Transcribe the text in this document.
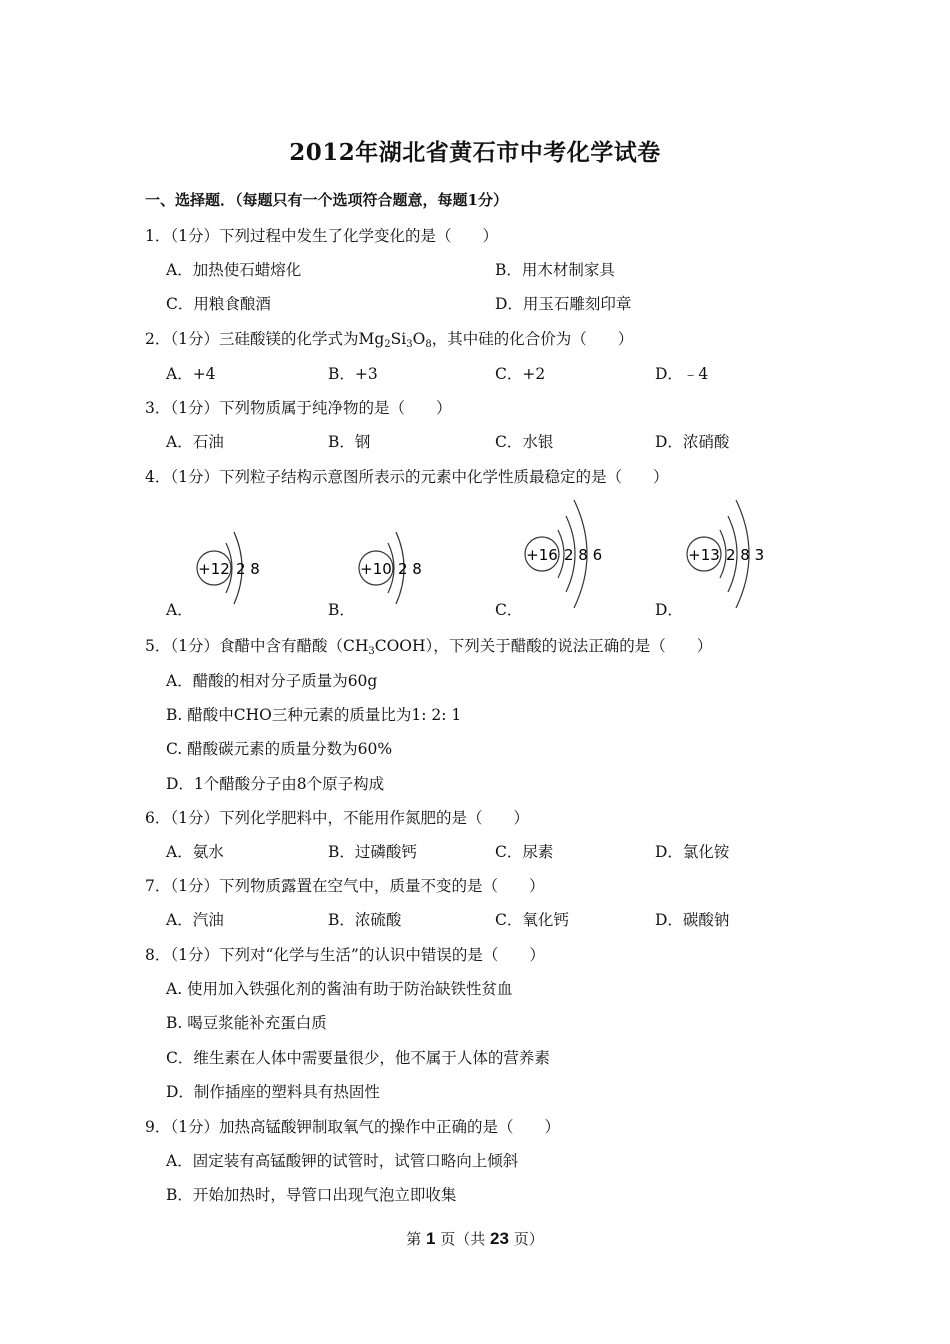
2012年湖北省黄石市中考化学试卷
一、选择题．（每题只有一个选项符合题意，每题1分）
1．（1分）下列过程中发生了化学变化的是（　　）
A．加热使石蜡熔化	B．用木材制家具
C．用粮食酿酒	D．用玉石雕刻印章
2．（1分）三硅酸镁的化学式为$Mg_2Si_3O_8$，其中硅的化合价为（　　）
A．+4	B．+3	C．+2	D．﹣4
3．（1分）下列物质属于纯净物的是（　　）
A．石油	B．钢	C．水银	D．浓硝酸
4．（1分）下列粒子结构示意图所表示的元素中化学性质最稳定的是（　　）
+12 2 8
A．
+10 2 8
B．
+16 2 8 6
C．
+13 2 8 3
D．
5．（1分）食醋中含有醋酸$(CH_3COOH)$，下列关于醋酸的说法正确的是（　　）
A．醋酸的相对分子质量为60g
B. 醋酸中CHO三种元素的质量比为1: 2: 1
C. 醋酸碳元素的质量分数为60%
D．1个醋酸分子由8个原子构成
6．（1分）下列化学肥料中，不能用作氮肥的是（　　）
A．氨水	B．过磷酸钙	C．尿素	D．氯化铵
7．（1分）下列物质露置在空气中，质量不变的是（　　）
A．汽油	B．浓硫酸	C．氧化钙	D．碳酸钠
8．（1分）下列对“化学与生活”的认识中错误的是（　　）
A. 使用加入铁强化剂的酱油有助于防治缺铁性贫血
B. 喝豆浆能补充蛋白质
C．维生素在人体中需要量很少，他不属于人体的营养素
D．制作插座的塑料具有热固性
9．（1分）加热高锰酸钾制取氧气的操作中正确的是（　　）
A．固定装有高锰酸钾的试管时，试管口略向上倾斜
B．开始加热时，导管口出现气泡立即收集
第 1 页（共 23 页）
